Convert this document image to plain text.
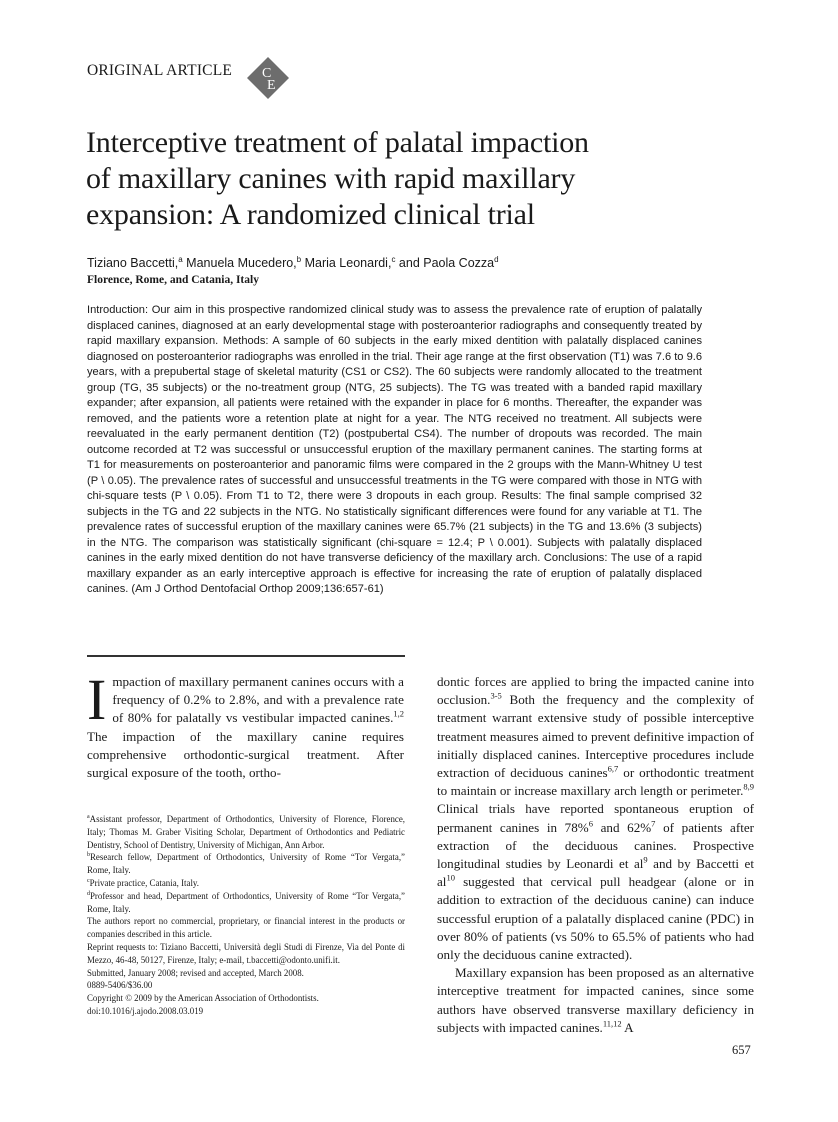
ORIGINAL ARTICLE C
E
Interceptive treatment of palatal impaction
of maxillary canines with rapid maxillary
expansion: A randomized clinical trial
Tiziano Baccetti,$^a$ Manuela Mucedero,$^b$ Maria Leonardi,$^c$ and Paola Cozza$^d$
Florence, Rome, and Catania, Italy

Introduction: Our aim in this prospective randomized clinical study was to assess the prevalence rate of eruption of palatally displaced canines, diagnosed at an early developmental stage with posteroanterior radiographs and consequently treated by rapid maxillary expansion. Methods: A sample of 60 subjects in the early mixed dentition with palatally displaced canines diagnosed on posteroanterior radiographs was enrolled in the trial. Their age range at the first observation (T1) was 7.6 to 9.6 years, with a prepubertal stage of skeletal maturity (CS1 or CS2). The 60 subjects were randomly allocated to the treatment group (TG, 35 subjects) or the no-treatment group (NTG, 25 subjects). The TG was treated with a banded rapid maxillary expander; after expansion, all patients were retained with the expander in place for 6 months. Thereafter, the expander was removed, and the patients wore a retention plate at night for a year. The NTG received no treatment. All subjects were reevaluated in the early permanent dentition (T2) (postpubertal CS4). The number of dropouts was recorded. The main outcome recorded at T2 was successful or unsuccessful eruption of the maxillary permanent canines. The starting forms at T1 for measurements on posteroanterior and panoramic films were compared in the 2 groups with the Mann-Whitney U test (P \ 0.05). The prevalence rates of successful and unsuccessful treatments in the TG were compared with those in NTG with chi-square tests (P \ 0.05). From T1 to T2, there were 3 dropouts in each group. Results: The final sample comprised 32 subjects in the TG and 22 subjects in the NTG. No statistically significant differences were found for any variable at T1. The prevalence rates of successful eruption of the maxillary canines were 65.7% (21 subjects) in the TG and 13.6% (3 subjects) in the NTG. The comparison was statistically significant (chi-square = 12.4; P \ 0.001). Subjects with palatally displaced canines in the early mixed dentition do not have transverse deficiency of the maxillary arch. Conclusions: The use of a rapid maxillary expander as an early interceptive approach is effective for increasing the rate of eruption of palatally displaced canines. (Am J Orthod Dentofacial Orthop 2009;136:657-61)

Impaction of maxillary permanent canines occurs with a frequency of 0.2% to 2.8%, and with a prevalence rate of 80% for palatally vs vestibular impacted canines.$^{1,2}$ The impaction of the maxillary canine requires comprehensive orthodontic-surgical treatment. After surgical exposure of the tooth, ortho-

$^a$Assistant professor, Department of Orthodontics, University of Florence, Florence, Italy; Thomas M. Graber Visiting Scholar, Department of Orthodontics and Pediatric Dentistry, School of Dentistry, University of Michigan, Ann Arbor.

$^b$Research fellow, Department of Orthodontics, University of Rome “Tor Vergata,” Rome, Italy.

$^c$Private practice, Catania, Italy.

$^d$Professor and head, Department of Orthodontics, University of Rome “Tor Vergata,” Rome, Italy.

The authors report no commercial, proprietary, or financial interest in the products or companies described in this article.

Reprint requests to: Tiziano Baccetti, Università degli Studi di Firenze, Via del Ponte di Mezzo, 46-48, 50127, Firenze, Italy; e-mail, t.baccetti@odonto.unifi.it.

Submitted, January 2008; revised and accepted, March 2008.

0889-5406/$36.00

Copyright © 2009 by the American Association of Orthodontists.

doi:10.1016/j.ajodo.2008.03.019

dontic forces are applied to bring the impacted canine into occlusion.$^{3-5}$ Both the frequency and the complexity of treatment warrant extensive study of possible interceptive treatment measures aimed to prevent definitive impaction of initially displaced canines. Interceptive procedures include extraction of deciduous canines$^{6,7}$ or orthodontic treatment to maintain or increase maxillary arch length or perimeter.$^{8,9}$ Clinical trials have reported spontaneous eruption of permanent canines in 78%$^6$ and 62%$^7$ of patients after extraction of the deciduous canines. Prospective longitudinal studies by Leonardi et $al^9$ and by Baccetti et $al^{10}$ suggested that cervical pull headgear (alone or in addition to extraction of the deciduous canine) can induce successful eruption of a palatally displaced canine (PDC) in over 80% of patients (vs 50% to 65.5% of patients who had only the deciduous canine extracted).
Maxillary expansion has been proposed as an alternative interceptive treatment for impacted canines, since some authors have observed transverse maxillary deficiency in subjects with impacted canines.$^{11,12}$ A
657
